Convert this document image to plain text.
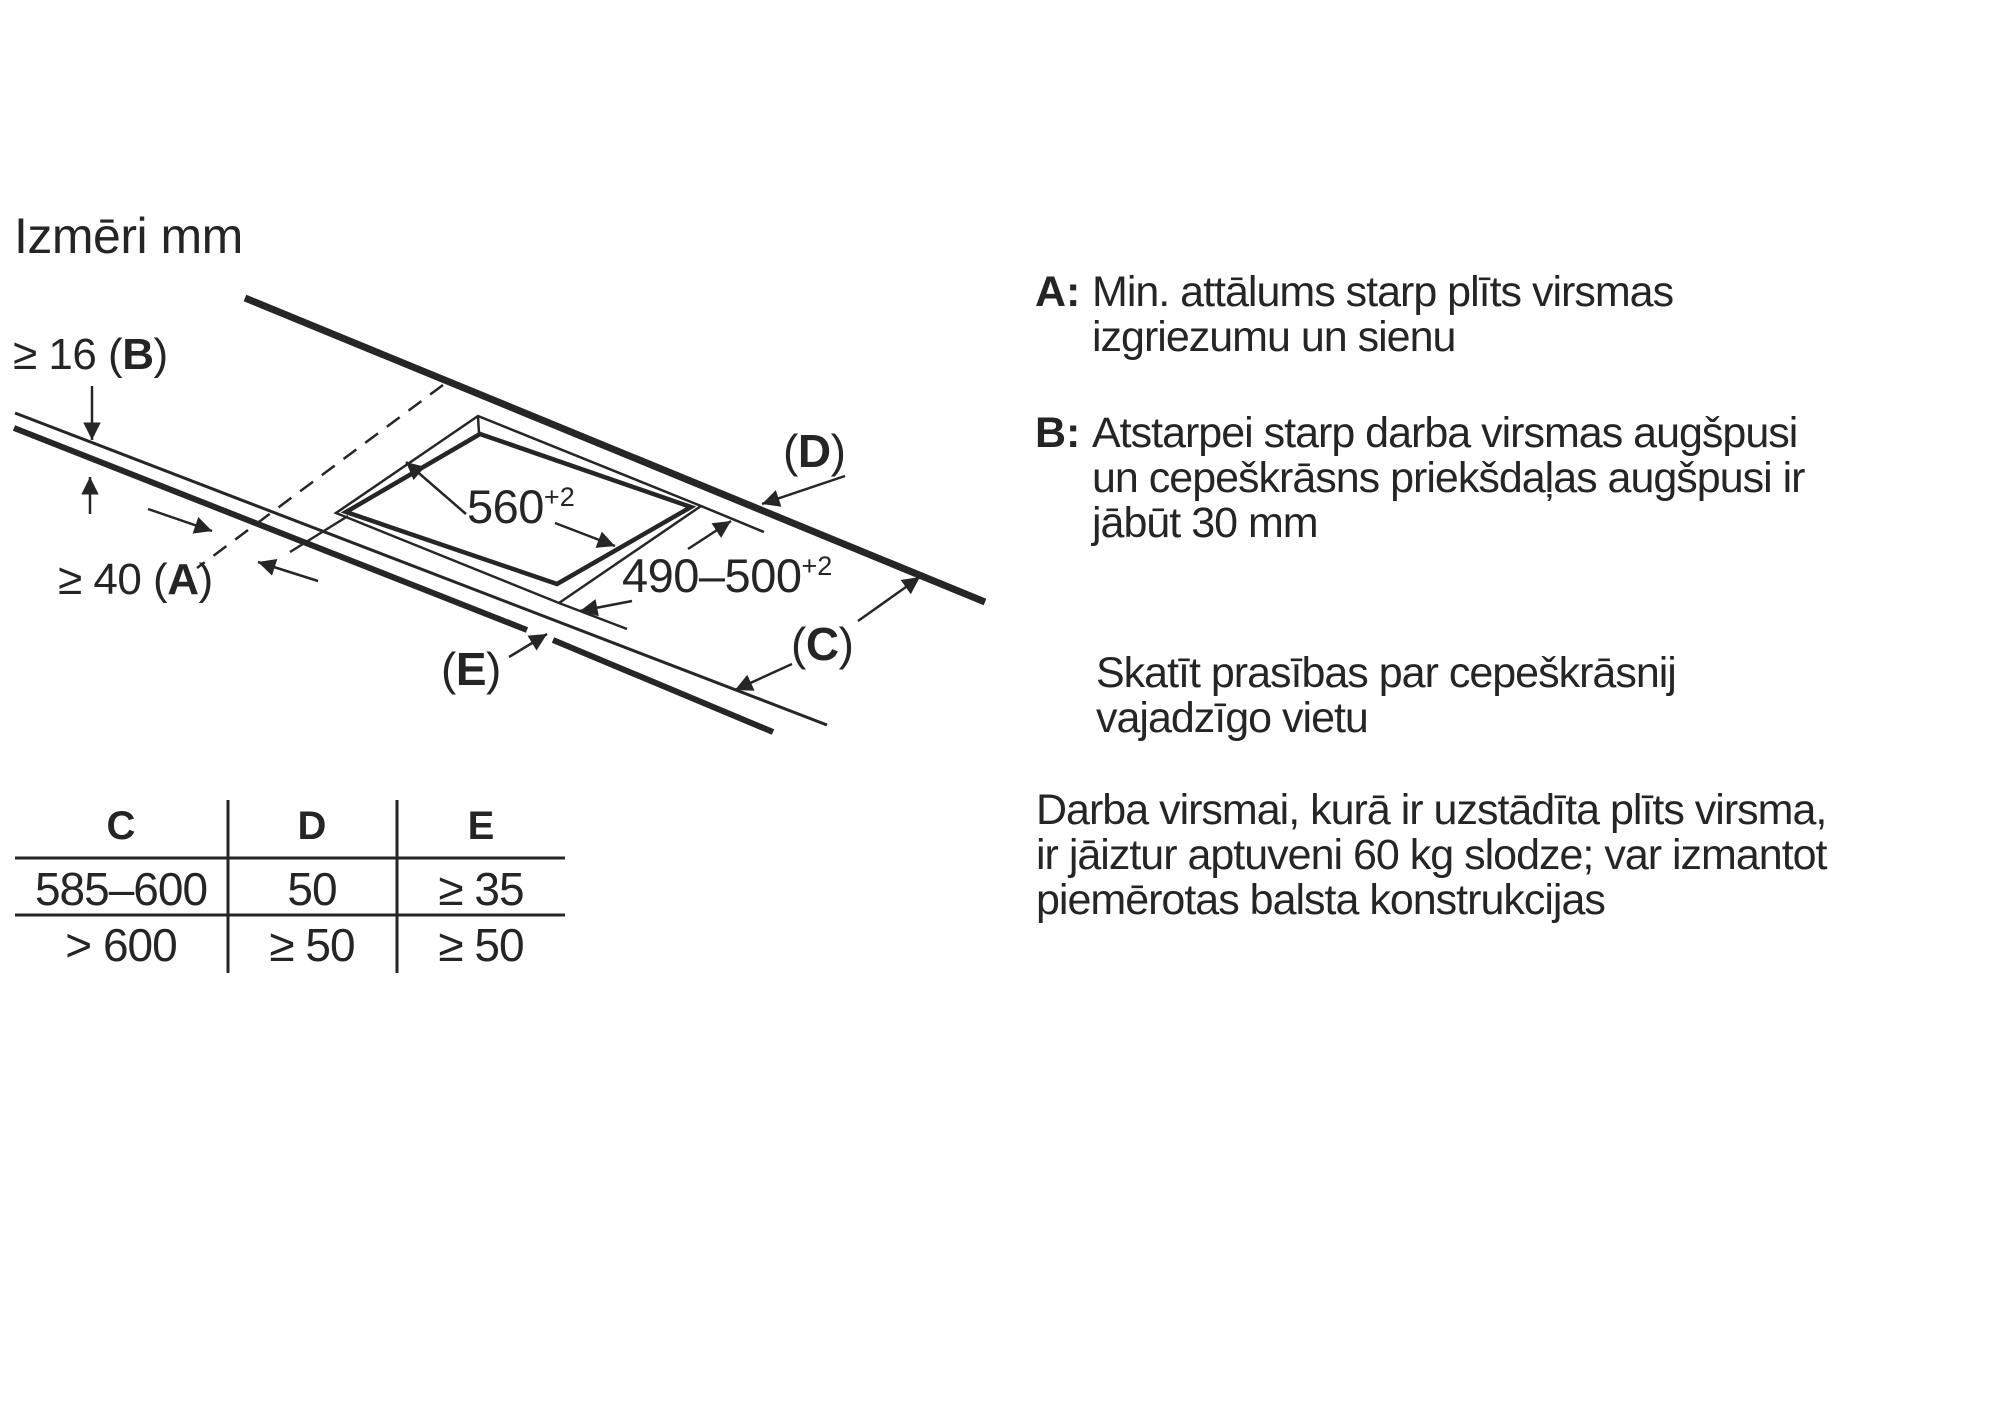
Izmēri mm
≥ 16 (B)
≥ 40 (A)
(D)
(C)
(E)
$560^{+2}$
$490-500^{+2}$
C	D	E
585–600 50 ≥ 35
> 600 ≥ 50 ≥ 50
A: Min. attālums starp plīts virsmas
izgriezumu un sienu
B: Atstarpei starp darba virsmas augšpusi
un cepeškrāsns priekšdaļas augšpusi ir
jābūt 30 mm
Skatīt prasības par cepeškrāsnij
vajadzīgo vietu
Darba virsmai, kurā ir uzstādīta plīts virsma,
ir jāiztur aptuveni 60 kg slodze; var izmantot
piemērotas balsta konstrukcijas
